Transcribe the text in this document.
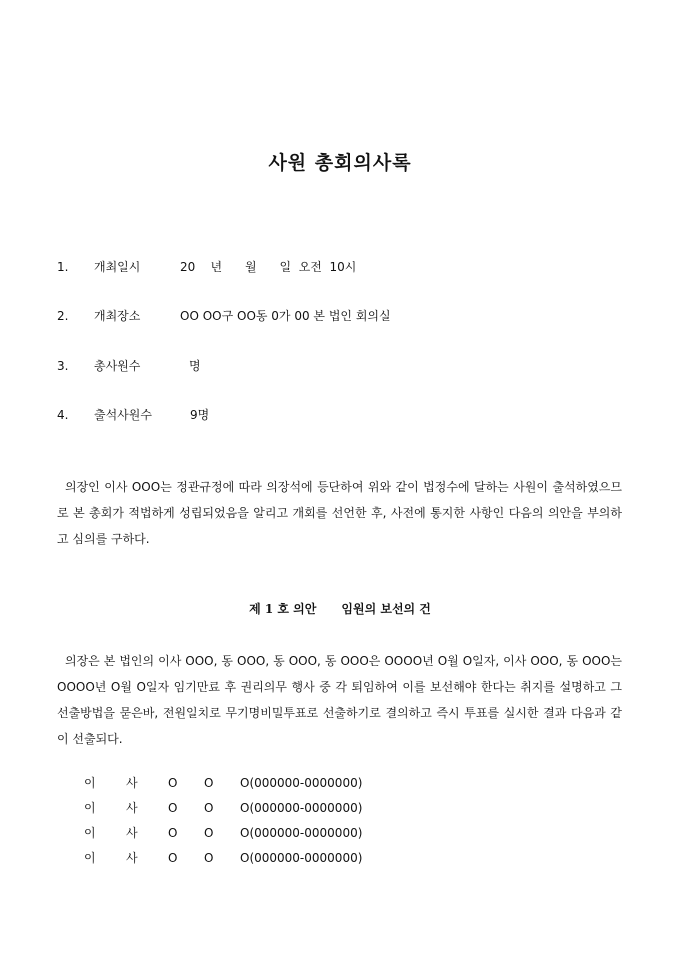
사원 총회의사록
1. 개최일시	20    년      월      일  오전  10시
2. 개최장소	OO OO구 OO동 0가 00 본 법인 회의실
3. 총사원수	명
4. 출석사원수	9명
의장인 이사 OOO는 정관규정에 따라 의장석에 등단하여 위와 같이 법정수에 달하는 사원이 출석하였으므로 본 총회가 적법하게 성립되었음을 알리고 개회를 선언한 후, 사전에 통지한 사항인 다음의 의안을 부의하고 심의를 구하다.
제 1 호 의안      임원의 보선의 건
의장은 본 법인의 이사 OOO, 동 OOO, 동 OOO, 동 OOO은 OOOO년 O월 O일자, 이사 OOO, 동 OOO는 OOOO년 O월 O일자 임기만료 후 권리의무 행사 중 각 퇴임하여 이를 보선해야 한다는 취지를 설명하고 그 선출방법을 묻은바, 전원일치로 무기명비밀투표로 선출하기로 결의하고 즉시 투표를 실시한 결과 다음과 같이 선출되다.
이	사	O O O(000000-0000000)
이	사	O O O(000000-0000000)
이	사	O O O(000000-0000000)
이	사	O O O(000000-0000000)
